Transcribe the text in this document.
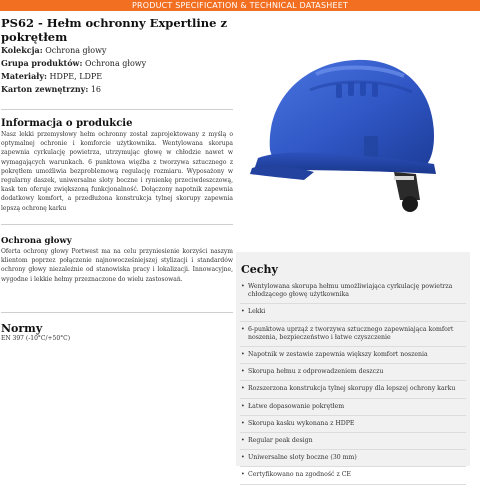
PRODUCT SPECIFICATION & TECHNICAL DATASHEET
PS62 - Hełm ochronny Expertline z pokrętłem
Kolekcja: Ochrona głowy
Grupa produktów: Ochrona głowy
Materiały: HDPE, LDPE
Karton zewnętrzny: 16
Informacja o produkcie
Nasz lekki przemysłowy hełm ochronny został zaprojektowany z myślą o optymalnej ochronie i komforcie użytkownika. Wentylowana skorupa zapewnia cyrkulację powietrza, utrzymując głowę w chłodzie nawet w wymagających warunkach. 6 punktowa więźba z tworzywa sztucznego z pokrętłem umożliwia bezproblemową regulację rozmiaru. Wyposażony w regularny daszek, uniwersalne sloty boczne i rynienkę przeciwdeszczową, kask ten oferuje zwiększoną funkcjonalność. Dołączony napotnik zapewnia dodatkowy komfort, a przedłużona konstrukcja tylnej skorupy zapewnia lepszą ochronę karku
Ochrona głowy
Oferta ochrony głowy Portwest ma na celu przyniesienie korzyści naszym klientom poprzez połączenie najnowocześniejszej stylizacji i standardów ochrony głowy niezależnie od stanowiska pracy i lokalizacji. Innowacyjne, wygodne i lekkie hełmy przeznaczone do wielu zastosowań.
Normy
EN 397 (-10°C/+50°C)
Cechy
• Wentylowana skorupa hełmu umożliwiająca cyrkulację powietrza chłodzącego głowę użytkownika
• Lekki
• 6-punktowa uprząż z tworzywa sztucznego zapewniająca komfort noszenia, bezpieczeństwo i łatwe czyszczenie
• Napotnik w zestawie zapewnia większy komfort noszenia
• Skorupa hełmu z odprowadzeniem deszczu
• Rozszerzona konstrukcja tylnej skorupy dla lepszej ochrony karku
• Łatwe dopasowanie pokrętłem
• Skorupa kasku wykonana z HDPE
• Regular peak design
• Uniwersalne sloty boczne (30 mm)
• Certyfikowano na zgodność z CE
